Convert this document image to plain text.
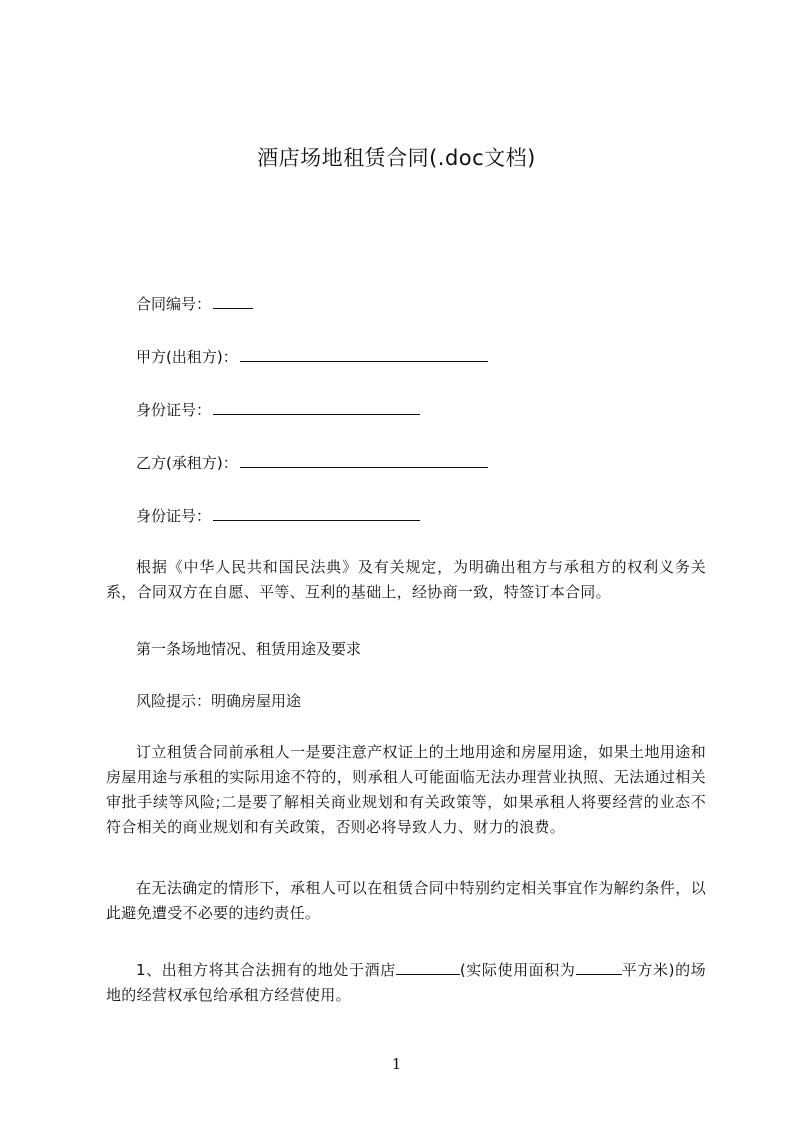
酒店场地租赁合同(.doc文档)
合同编号：
甲方(出租方)：
身份证号：
乙方(承租方)：
身份证号：
根据《中华人民共和国民法典》及有关规定，为明确出租方与承租方的权利义务关系，合同双方在自愿、平等、互利的基础上，经协商一致，特签订本合同。
第一条场地情况、租赁用途及要求
风险提示：明确房屋用途
订立租赁合同前承租人一是要注意产权证上的土地用途和房屋用途，如果土地用途和房屋用途与承租的实际用途不符的，则承租人可能面临无法办理营业执照、无法通过相关审批手续等风险;二是要了解相关商业规划和有关政策等，如果承租人将要经营的业态不符合相关的商业规划和有关政策，否则必将导致人力、财力的浪费。
在无法确定的情形下，承租人可以在租赁合同中特别约定相关事宜作为解约条件，以此避免遭受不必要的违约责任。
1、出租方将其合法拥有的地处于酒店	(实际使用面积为	平方米)的场地的经营权承包给承租方经营使用。
1
